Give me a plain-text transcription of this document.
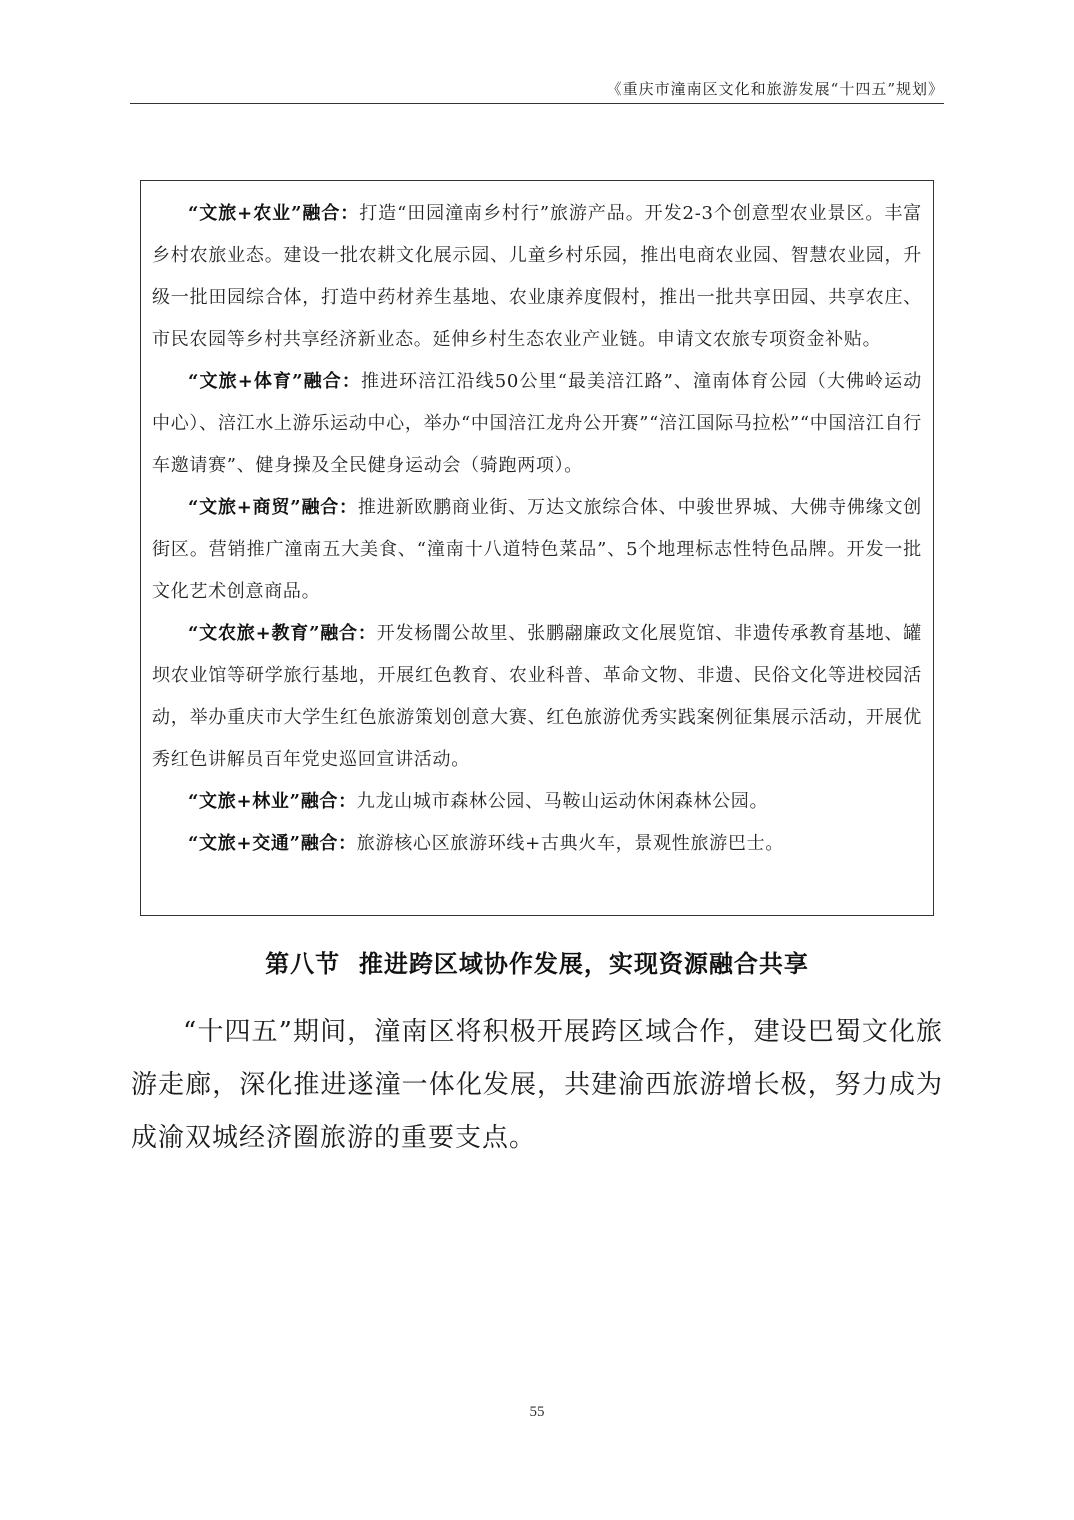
《重庆市潼南区文化和旅游发展“十四五”规划》

“文旅+农业”融合：打造“田园潼南乡村行”旅游产品。开发2-3个创意型农业景区。丰富乡村农旅业态。建设一批农耕文化展示园、儿童乡村乐园，推出电商农业园、智慧农业园，升级一批田园综合体，打造中药材养生基地、农业康养度假村，推出一批共享田园、共享农庄、市民农园等乡村共享经济新业态。延伸乡村生态农业产业链。申请文农旅专项资金补贴。

“文旅+体育”融合：推进环涪江沿线50公里“最美涪江路”、潼南体育公园（大佛岭运动中心）、涪江水上游乐运动中心，举办“中国涪江龙舟公开赛”“涪江国际马拉松”“中国涪江自行车邀请赛”、健身操及全民健身运动会（骑跑两项）。

“文旅+商贸”融合：推进新欧鹏商业街、万达文旅综合体、中骏世界城、大佛寺佛缘文创街区。营销推广潼南五大美食、“潼南十八道特色菜品”、5个地理标志性特色品牌。开发一批文化艺术创意商品。

“文农旅+教育”融合：开发杨闇公故里、张鹏翮廉政文化展览馆、非遗传承教育基地、罐坝农业馆等研学旅行基地，开展红色教育、农业科普、革命文物、非遗、民俗文化等进校园活动，举办重庆市大学生红色旅游策划创意大赛、红色旅游优秀实践案例征集展示活动，开展优秀红色讲解员百年党史巡回宣讲活动。

“文旅+林业”融合：九龙山城市森林公园、马鞍山运动休闲森林公园。

“文旅+交通”融合：旅游核心区旅游环线+古典火车，景观性旅游巴士。

第八节  推进跨区域协作发展，实现资源融合共享

“十四五”期间，潼南区将积极开展跨区域合作，建设巴蜀文化旅游走廊，深化推进遂潼一体化发展，共建渝西旅游增长极，努力成为成渝双城经济圈旅游的重要支点。

55
